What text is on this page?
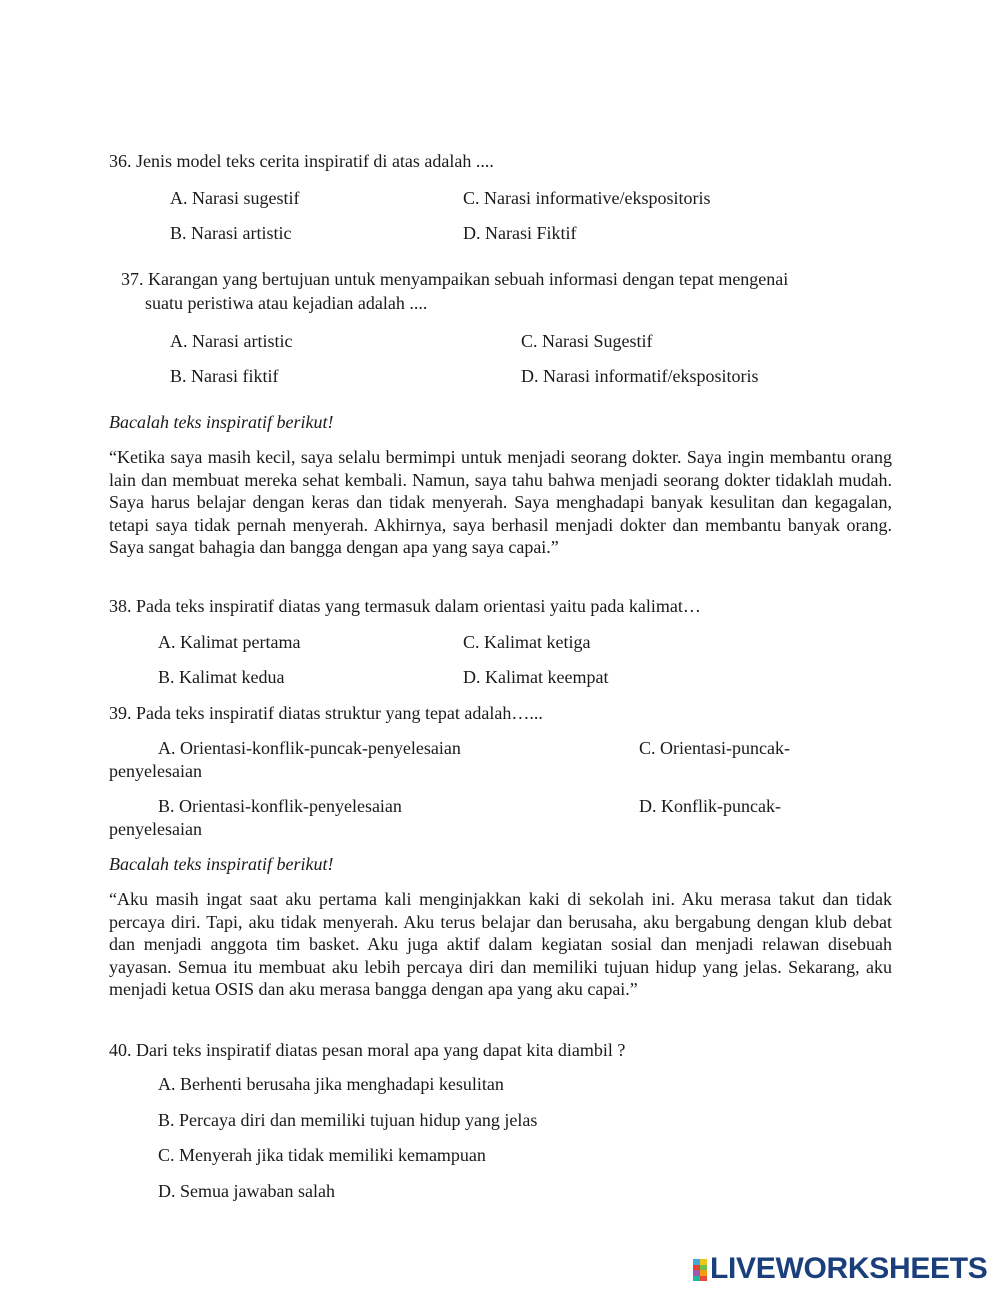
36. Jenis model teks cerita inspiratif di atas adalah ....
A. Narasi sugestif	C. Narasi informative/ekspositoris
B. Narasi artistic	D. Narasi Fiktif
37. Karangan yang bertujuan untuk menyampaikan sebuah informasi dengan tepat mengenai
suatu peristiwa atau kejadian adalah ....
A. Narasi artistic	C. Narasi Sugestif
B. Narasi fiktif	D. Narasi informatif/ekspositoris
Bacalah teks inspiratif berikut!

“Ketika saya masih kecil, saya selalu bermimpi untuk menjadi seorang dokter. Saya ingin membantu orang lain dan membuat mereka sehat kembali. Namun, saya tahu bahwa menjadi seorang dokter tidaklah mudah. Saya harus belajar dengan keras dan tidak menyerah. Saya menghadapi banyak kesulitan dan kegagalan, tetapi saya tidak pernah menyerah. Akhirnya, saya berhasil menjadi dokter dan membantu banyak orang. Saya sangat bahagia dan bangga dengan apa yang saya capai.”

38. Pada teks inspiratif diatas yang termasuk dalam orientasi yaitu pada kalimat…
A. Kalimat pertama	C. Kalimat ketiga
B. Kalimat kedua	D. Kalimat keempat
39. Pada teks inspiratif diatas struktur yang tepat adalah…...
A. Orientasi-konflik-puncak-penyelesaian	C. Orientasi-puncak-
penyelesaian
B. Orientasi-konflik-penyelesaian	D. Konflik-puncak-
penyelesaian
Bacalah teks inspiratif berikut!

“Aku masih ingat saat aku pertama kali menginjakkan kaki di sekolah ini. Aku merasa takut dan tidak percaya diri. Tapi, aku tidak menyerah. Aku terus belajar dan berusaha, aku bergabung dengan klub debat dan menjadi anggota tim basket. Aku juga aktif dalam kegiatan sosial dan menjadi relawan disebuah yayasan. Semua itu membuat aku lebih percaya diri dan memiliki tujuan hidup yang jelas. Sekarang, aku menjadi ketua OSIS dan aku merasa bangga dengan apa yang aku capai.”

40. Dari teks inspiratif diatas pesan moral apa yang dapat kita diambil ?
A. Berhenti berusaha jika menghadapi kesulitan
B. Percaya diri dan memiliki tujuan hidup yang jelas
C. Menyerah jika tidak memiliki kemampuan
D. Semua jawaban salah
LIVEWORKSHEETS
